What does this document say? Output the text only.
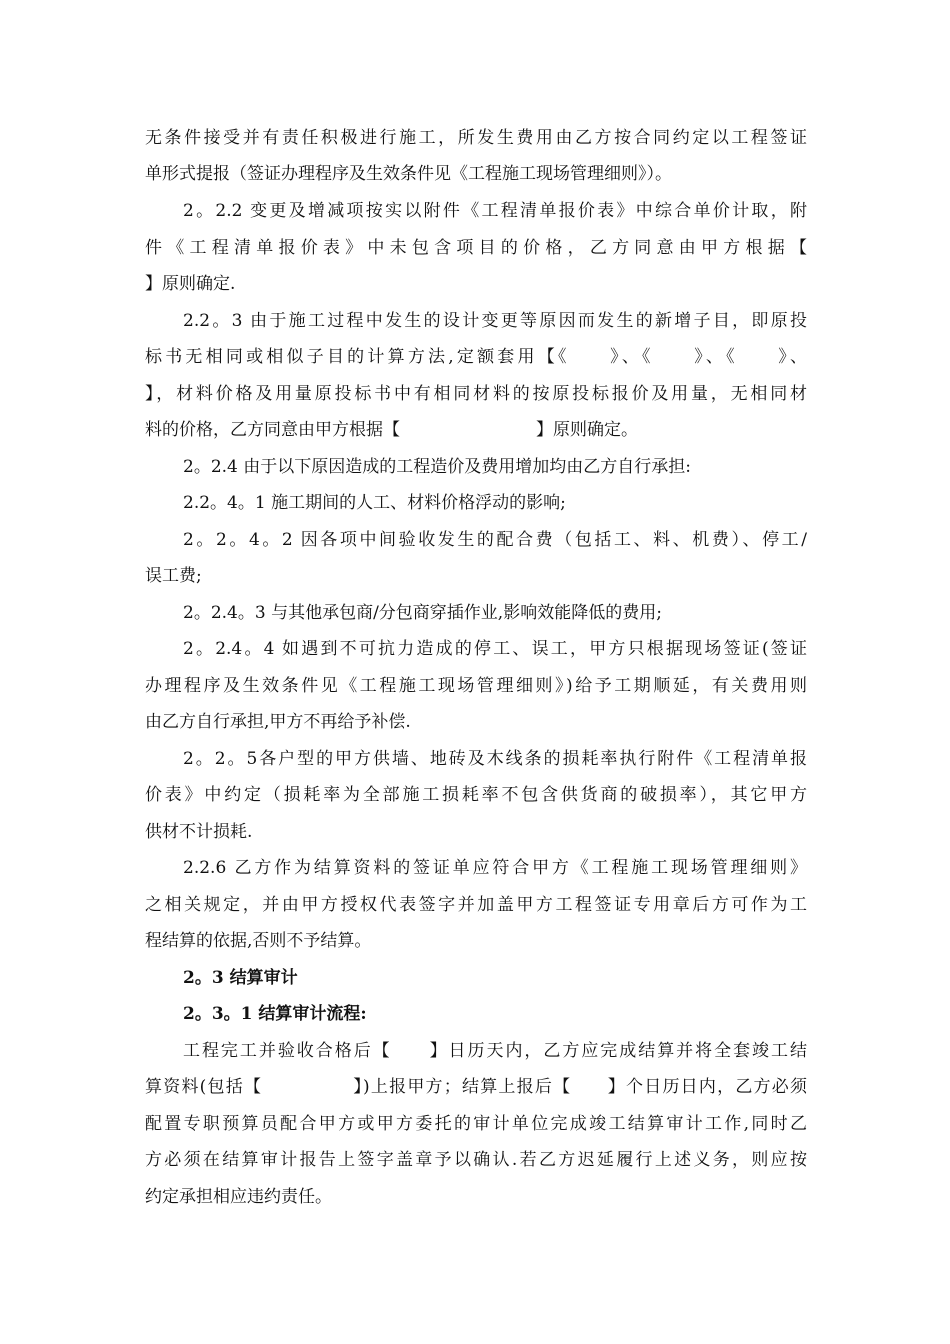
无条件接受并有责任积极进行施工，所发生费用由乙方按合同约定以工程签证
单形式提报（签证办理程序及生效条件见《工程施工现场管理细则》）。
2。2.2 变更及增减项按实以附件《工程清单报价表》中综合单价计取，附
件《工程清单报价表》中未包含项目的价格，乙方同意由甲方根据【
】原则确定.
2.2。3 由于施工过程中发生的设计变更等原因而发生的新增子目，即原投
标书无相同或相似子目的计算方法,定额套用【《　　》、《　　》、《　　》、
】，材料价格及用量原投标书中有相同材料的按原投标报价及用量，无相同材
料的价格，乙方同意由甲方根据【　　　　　　　　】原则确定。
2。2.4 由于以下原因造成的工程造价及费用增加均由乙方自行承担:
2.2。4。1 施工期间的人工、材料价格浮动的影响;
2。2。4。2 因各项中间验收发生的配合费（包括工、料、机费）、停工/
误工费;
2。2.4。3 与其他承包商/分包商穿插作业,影响效能降低的费用;
2。2.4。4 如遇到不可抗力造成的停工、误工，甲方只根据现场签证(签证
办理程序及生效条件见《工程施工现场管理细则》)给予工期顺延，有关费用则
由乙方自行承担,甲方不再给予补偿.
2。2。5各户型的甲方供墙、地砖及木线条的损耗率执行附件《工程清单报
价表》中约定（损耗率为全部施工损耗率不包含供货商的破损率），其它甲方
供材不计损耗.
2.2.6 乙方作为结算资料的签证单应符合甲方《工程施工现场管理细则》
之相关规定，并由甲方授权代表签字并加盖甲方工程签证专用章后方可作为工
程结算的依据,否则不予结算。
2。3 结算审计
2。3。1 结算审计流程:
工程完工并验收合格后【　　】日历天内，乙方应完成结算并将全套竣工结
算资料(包括【　　　　　】)上报甲方；结算上报后【　　】个日历日内，乙方必须
配置专职预算员配合甲方或甲方委托的审计单位完成竣工结算审计工作,同时乙
方必须在结算审计报告上签字盖章予以确认.若乙方迟延履行上述义务，则应按
约定承担相应违约责任。
